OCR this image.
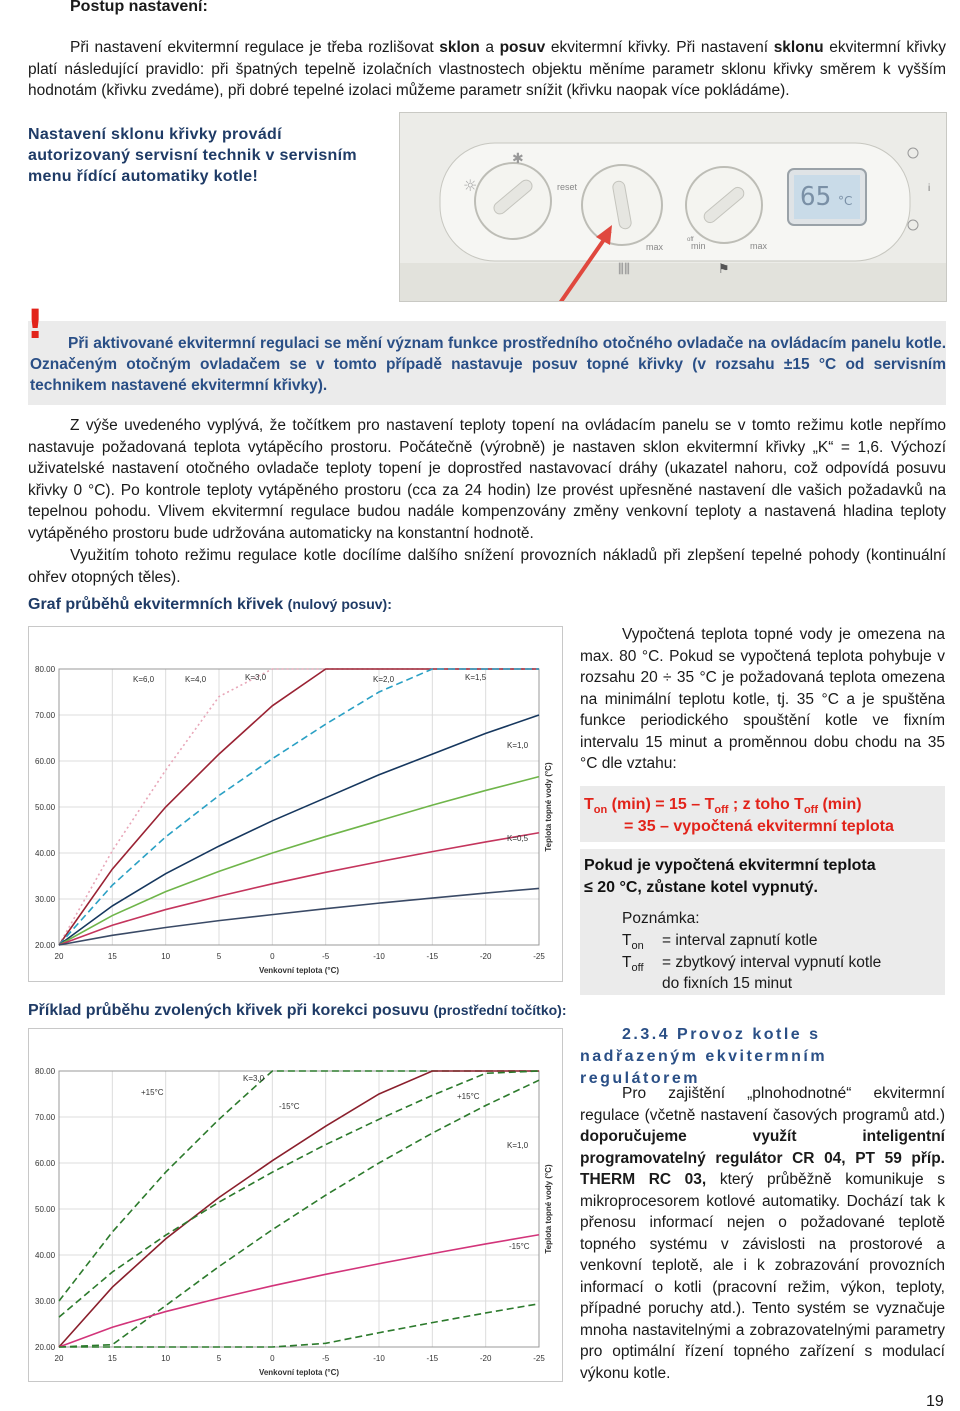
Postup nastavení:
Při nastavení ekvitermní regulace je třeba rozlišovat sklon a posuv ekvitermní křivky. Při nastavení sklonu ekvitermní křivky platí následující pravidlo: při špatných tepelně izolačních vlastnostech objektu měníme parametr sklonu křivky směrem k vyšším hodnotám (křivku zvedáme), při dobré tepelné izolaci můžeme parametr snížit (křivku naopak více pokládáme).
Nastavení sklonu křivky provádí autorizovaný servisní technik v servisním menu řídící automatiky kotle!
65 °C
reset
max
off
min	max
i
✱
☼
⫼⫼	⚑
!	Při aktivované ekvitermní regulaci se mění význam funkce prostředního otočného ovladače na ovládacím panelu kotle. Označeným otočným ovladačem se v tomto případě nastavuje posuv topné křivky (v rozsahu ±15 °C od servisním technikem nastavené ekvitermní křivky).
Z výše uvedeného vyplývá, že točítkem pro nastavení teploty topení na ovládacím panelu se v tomto režimu kotle nepřímo nastavuje požadovaná teplota vytápěcího prostoru. Počátečně (výrobně) je nastaven sklon ekvitermní křivky „K“ = 1,6. Výchozí uživatelské nastavení otočného ovladače teploty topení je doprostřed nastavovací dráhy (ukazatel nahoru, což odpovídá posuvu křivky 0 °C). Po kontrole teploty vytápěného prostoru (cca za 24 hodin) lze provést upřesněné nastavení dle vašich požadavků na tepelnou pohodu. Vlivem ekvitermní regulace budou nadále kompenzovány změny venkovní teploty a nastavená hladina teploty vytápěného prostoru bude udržována automaticky na konstantní hodnotě.
Využitím tohoto režimu regulace kotle docílíme dalšího snížení provozních nákladů při zlepšení tepelné pohody (kontinuální ohřev otopných těles).
Graf průběhů ekvitermních křivek (nulový posuv):
20.00
30.00
40.00
50.00
60.00
70.00
80.00
20	15	10	5	0	-5	-10	-15	-20	-25
Venkovní teplota (°C)
Teplota topné vody (°C)
K=6,0	K=4,0	K=3,0	K=2,0	K=1,5
K=1,0
K=0,5
Příklad průběhu zvolených křivek při korekci posuvu (prostřední točítko):
20.00
30.00
40.00
50.00
60.00
70.00
80.00
20	15	10	5	0	-5	-10	-15	-20	-25
Venkovní teplota (°C)
Teplota topné vody (°C)
+15°C
K=3,0
-15°C
+15°C
K=1,0
-15°C
Vypočtená teplota topné vody je omezena na max. 80 °C. Pokud se vypočtená teplota pohybuje v rozsahu 20 ÷ 35 °C je požadovaná teplota omezena na minimální teplotu kotle, tj. 35 °C a je spuštěna funkce periodického spouštění kotle ve fixním intervalu 15 minut a proměnnou dobu chodu na 35 °C dle vztahu:
$T_{on}$ $(\min) = 15 - T_{off}$ ; z toho $T_{off}$ (min)
= 35 – vypočtená ekvitermní teplota
Pokud je vypočtená ekvitermní teplota ≤ 20 °C, zůstane kotel vypnutý.
Poznámka:
$T_{on}$ = interval zapnutí kotle
$T_{off}$ = zbytkový interval vypnutí kotle
do fixních 15 minut
2.3.4 Provoz kotle s nadřazeným ekvitermním regulátorem
Pro zajištění „plnohodnotné“ ekvitermní regulace (včetně nastavení časových programů atd.) doporučujeme využít inteligentní programovatelný regulátor CR 04, PT 59 příp. THERM RC 03, který průběžně komunikuje s mikroprocesorem kotlové automatiky. Dochází tak k přenosu informací nejen o požadované teplotě topného systému v závislosti na prostorové a venkovní teplotě, ale i k zobrazování provozních informací o kotli (pracovní režim, výkon, teploty, případné poruchy atd.). Tento systém se vyznačuje mnoha nastavitelnými a zobrazovatelnými parametry pro optimální řízení topného zařízení s modulací výkonu kotle.
19
